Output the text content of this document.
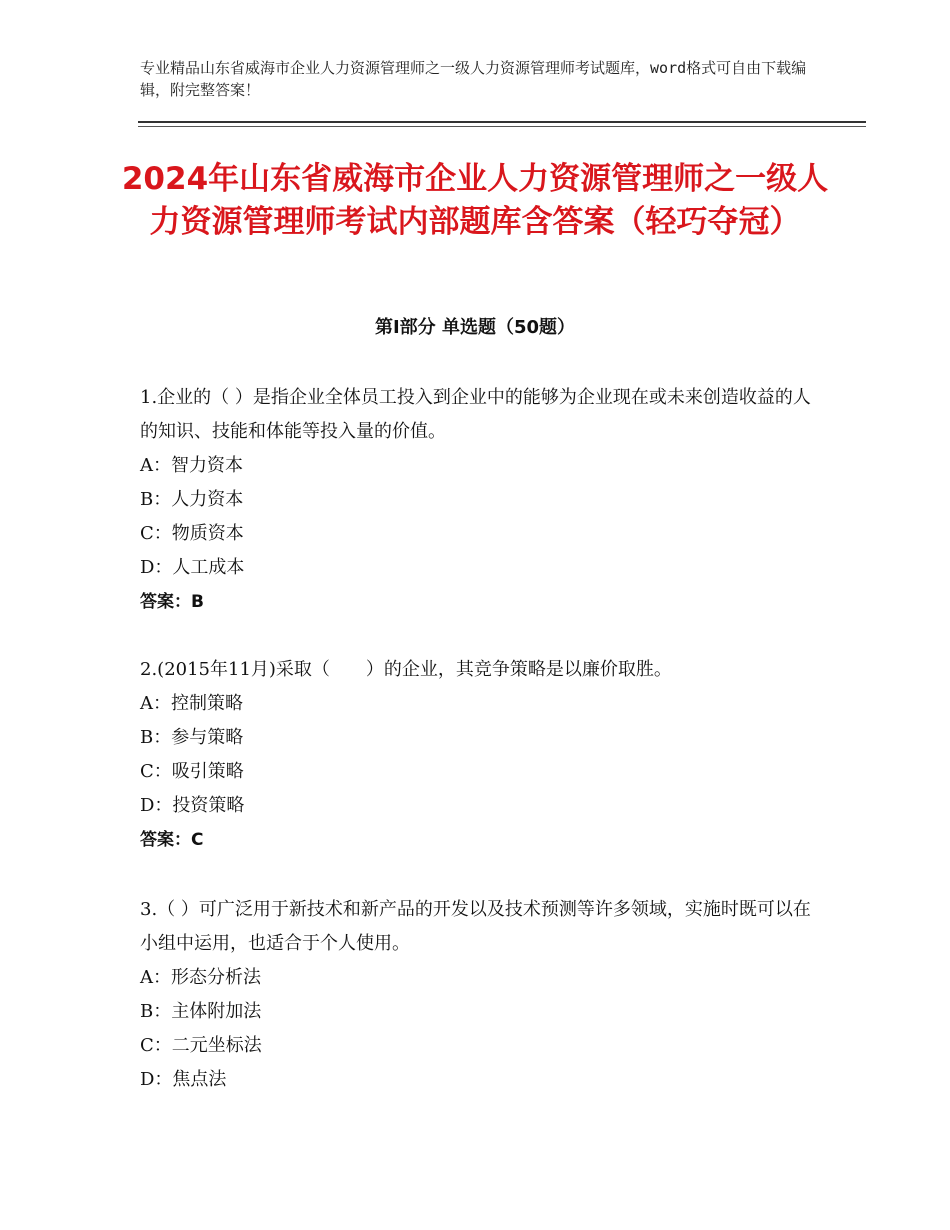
专业精品山东省威海市企业人力资源管理师之一级人力资源管理师考试题库，word格式可自由下载编辑，附完整答案！
2024年山东省威海市企业人力资源管理师之一级人力资源管理师考试内部题库含答案（轻巧夺冠）
第Ⅰ部分 单选题（50题）

1.企业的（ ）是指企业全体员工投入到企业中的能够为企业现在或未来创造收益的人的知识、技能和体能等投入量的价值。

A：智力资本

B：人力资本

C：物质资本

D：人工成本

答案：B

2.(2015年11月)采取（　　）的企业，其竞争策略是以廉价取胜。

A：控制策略

B：参与策略

C：吸引策略

D：投资策略

答案：C

3.（ ）可广泛用于新技术和新产品的开发以及技术预测等许多领域，实施时既可以在小组中运用，也适合于个人使用。

A：形态分析法

B：主体附加法

C：二元坐标法

D：焦点法
